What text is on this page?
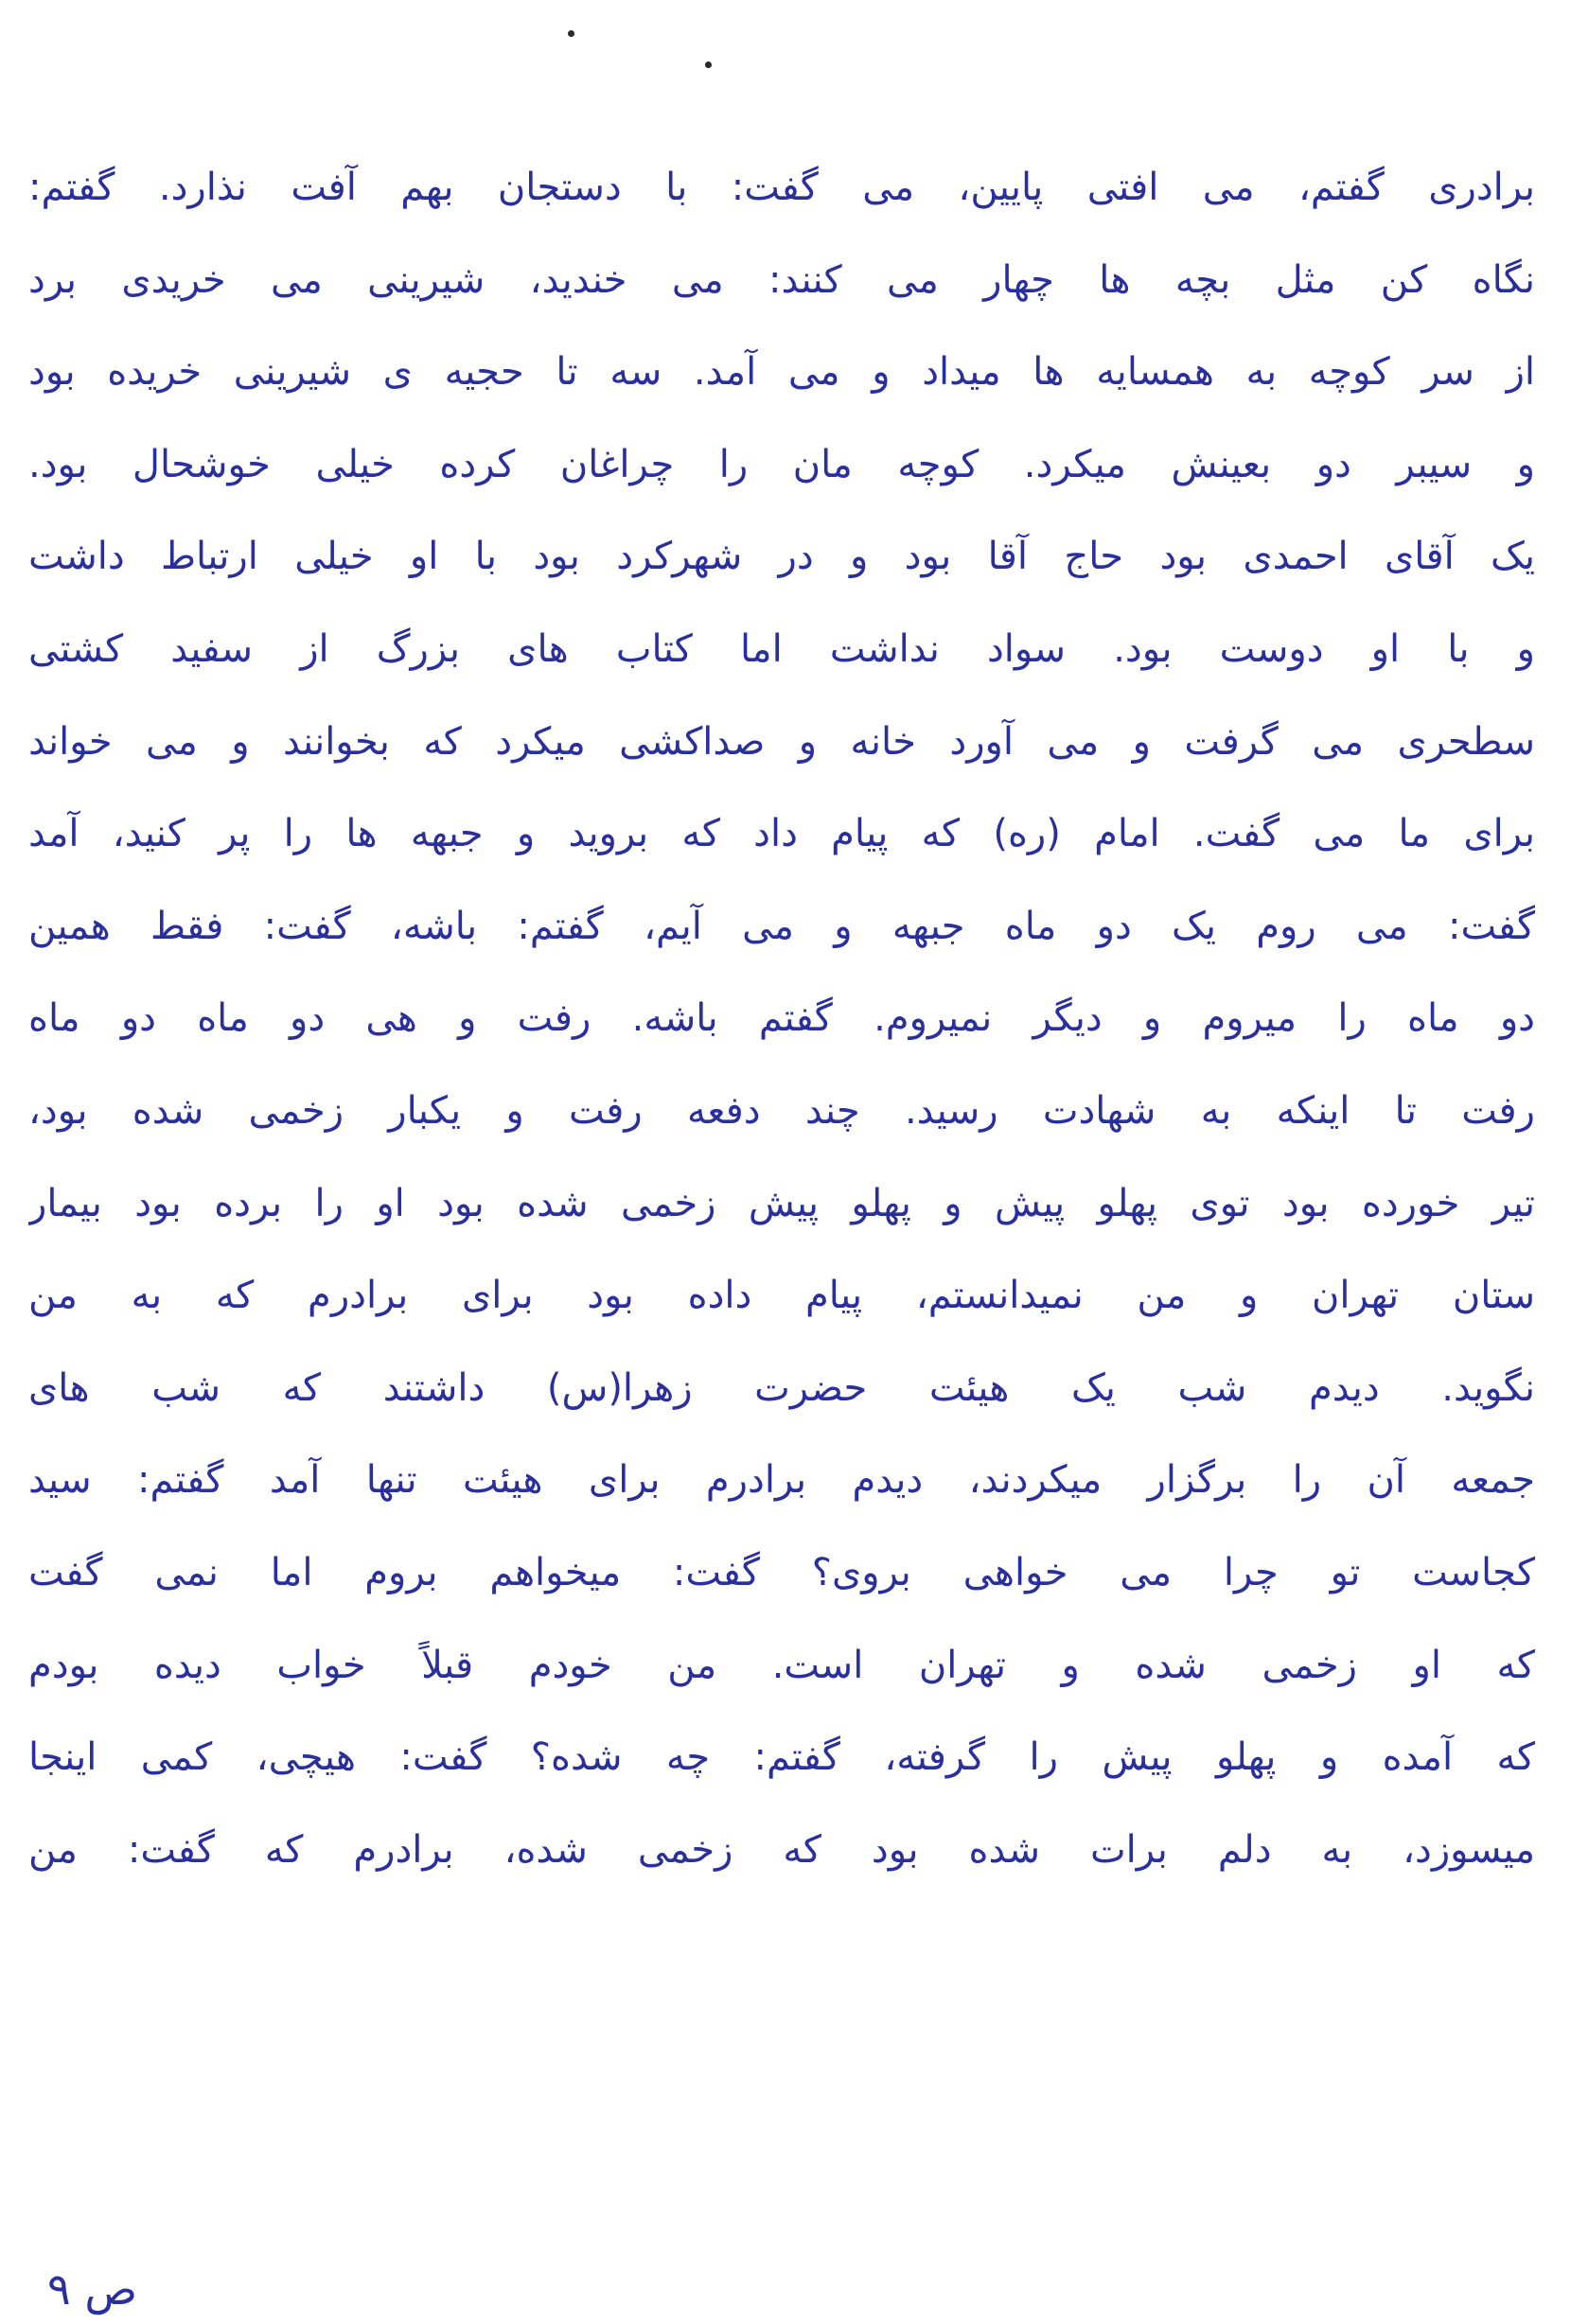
برادری گفتم، می افتی پایین، می گفت: با دستجان بهم آفت نذارد. گفتم:
نگاه کن مثل بچه ها چهار می کنند: می خندید، شیرینی می خریدی برد
از سر کوچه به همسایه ها میداد و می آمد. سه تا حجیه ی شیرینی خریده بود
و سیبر دو بعینش میکرد. کوچه مان را چراغان کرده خیلی خوشحال بود.
یک آقای احمدی بود حاج آقا بود و در شهرکرد بود با او خیلی ارتباط داشت
و با او دوست بود. سواد نداشت اما کتاب های بزرگ از سفید کشتی
سطحری می گرفت و می آورد خانه و صداکشی میکرد که بخوانند و می خواند
برای ما می گفت. امام (ره) که پیام داد که بروید و جبهه ها را پر کنید، آمد
گفت: می روم یک دو ماه جبهه و می آیم، گفتم: باشه، گفت: فقط همین
دو ماه را میروم و دیگر نمیروم. گفتم باشه. رفت و هی دو ماه دو ماه
رفت تا اینکه به شهادت رسید. چند دفعه رفت و یکبار زخمی شده بود،
تیر خورده بود توی پهلو پیش و پهلو پیش زخمی شده بود او را برده بود بیمار
ستان تهران و من نمیدانستم، پیام داده بود برای برادرم که به من
نگوید. دیدم شب یک هیئت حضرت زهرا(س) داشتند که شب های
جمعه آن را برگزار میکردند، دیدم برادرم برای هیئت تنها آمد گفتم: سید
کجاست تو چرا می خواهی بروی؟ گفت: میخواهم بروم اما نمی گفت
که او زخمی شده و تهران است. من خودم قبلاً خواب دیده بودم
که آمده و پهلو پیش را گرفته، گفتم: چه شده؟ گفت: هیچی، کمی اینجا
میسوزد، به دلم برات شده بود که زخمی شده، برادرم که گفت: من
ص ۹
